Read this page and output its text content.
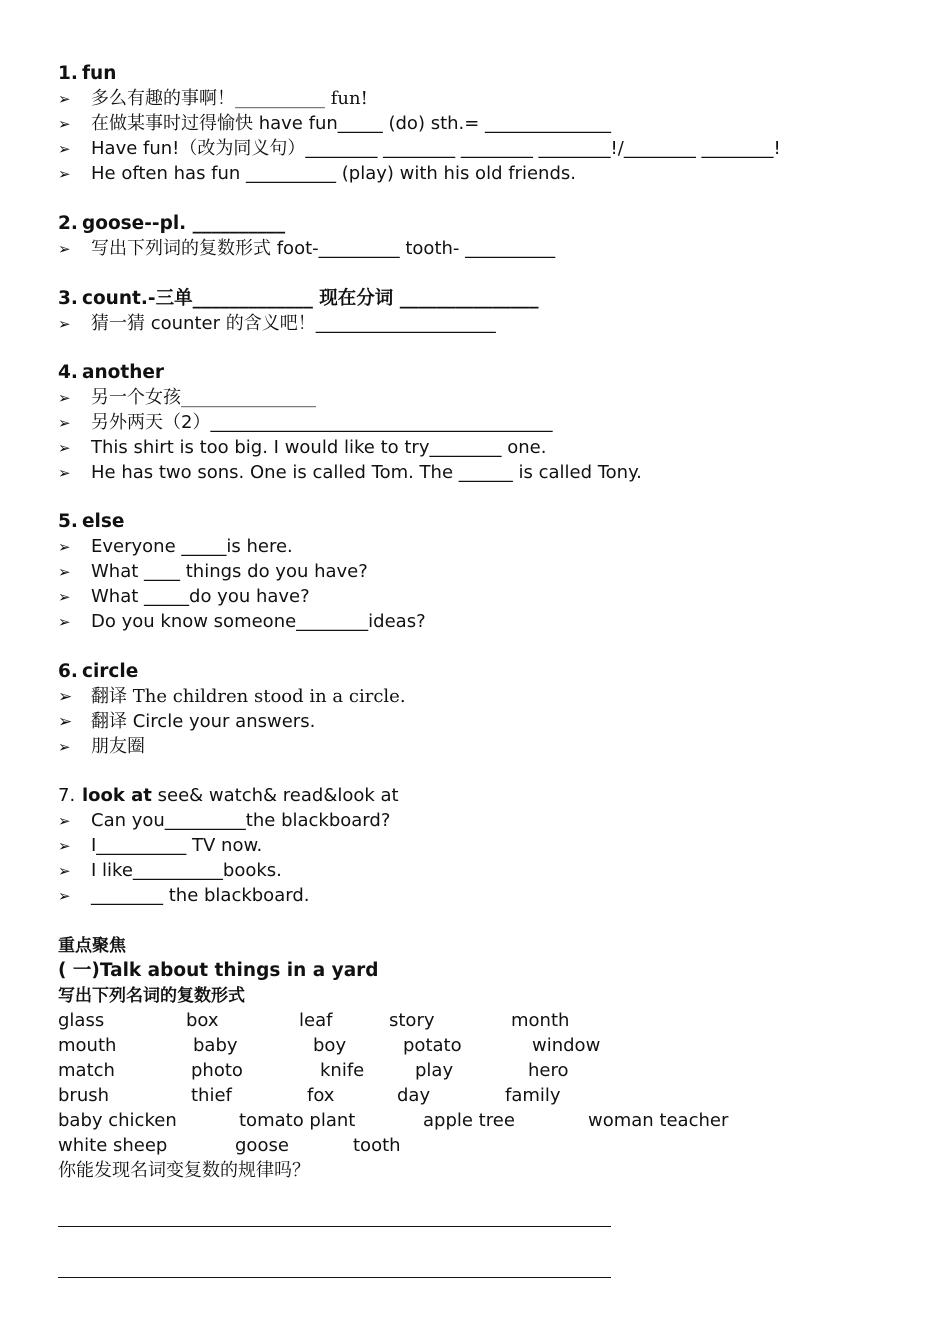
1. fun
➢ 多么有趣的事啊！__________ fun!
➢ 在做某事时过得愉快 have fun_____ (do) sth.= ______________
➢ Have fun!（改为同义句）________ ________ ________ ________!/________ ________!
➢ He often has fun __________ (play) with his old friends.
2. goose--pl. __________
➢ 写出下列词的复数形式 foot-_________ tooth- __________
3. count.-三单_____________ 现在分词 _______________
➢ 猜一猜 counter 的含义吧！____________________
4. another
➢ 另一个女孩_______________
➢ 另外两天（2）______________________________________
➢ This shirt is too big. I would like to try________ one.
➢ He has two sons. One is called Tom. The ______ is called Tony.
5. else
➢ Everyone _____is here.
➢ What ____ things do you have?
➢ What _____do you have?
➢ Do you know someone________ideas?
6. circle
➢ 翻译 The children stood in a circle.
➢ 翻译 Circle your answers.
➢ 朋友圈
7. look at see& watch& read&look at
➢ Can you_________the blackboard?
➢ I__________ TV now.
➢ I like__________books.
➢ ________ the blackboard.
重点聚焦
( 一)Talk about things in a yard
写出下列名词的复数形式
glass	box	leaf	story	month
mouth	baby	boy	potato	window
match	photo	knife	play	hero
brush	thief	fox	day	family
baby chicken	tomato plant	apple tree	woman teacher
white sheep	goose	tooth
你能发现名词变复数的规律吗？
